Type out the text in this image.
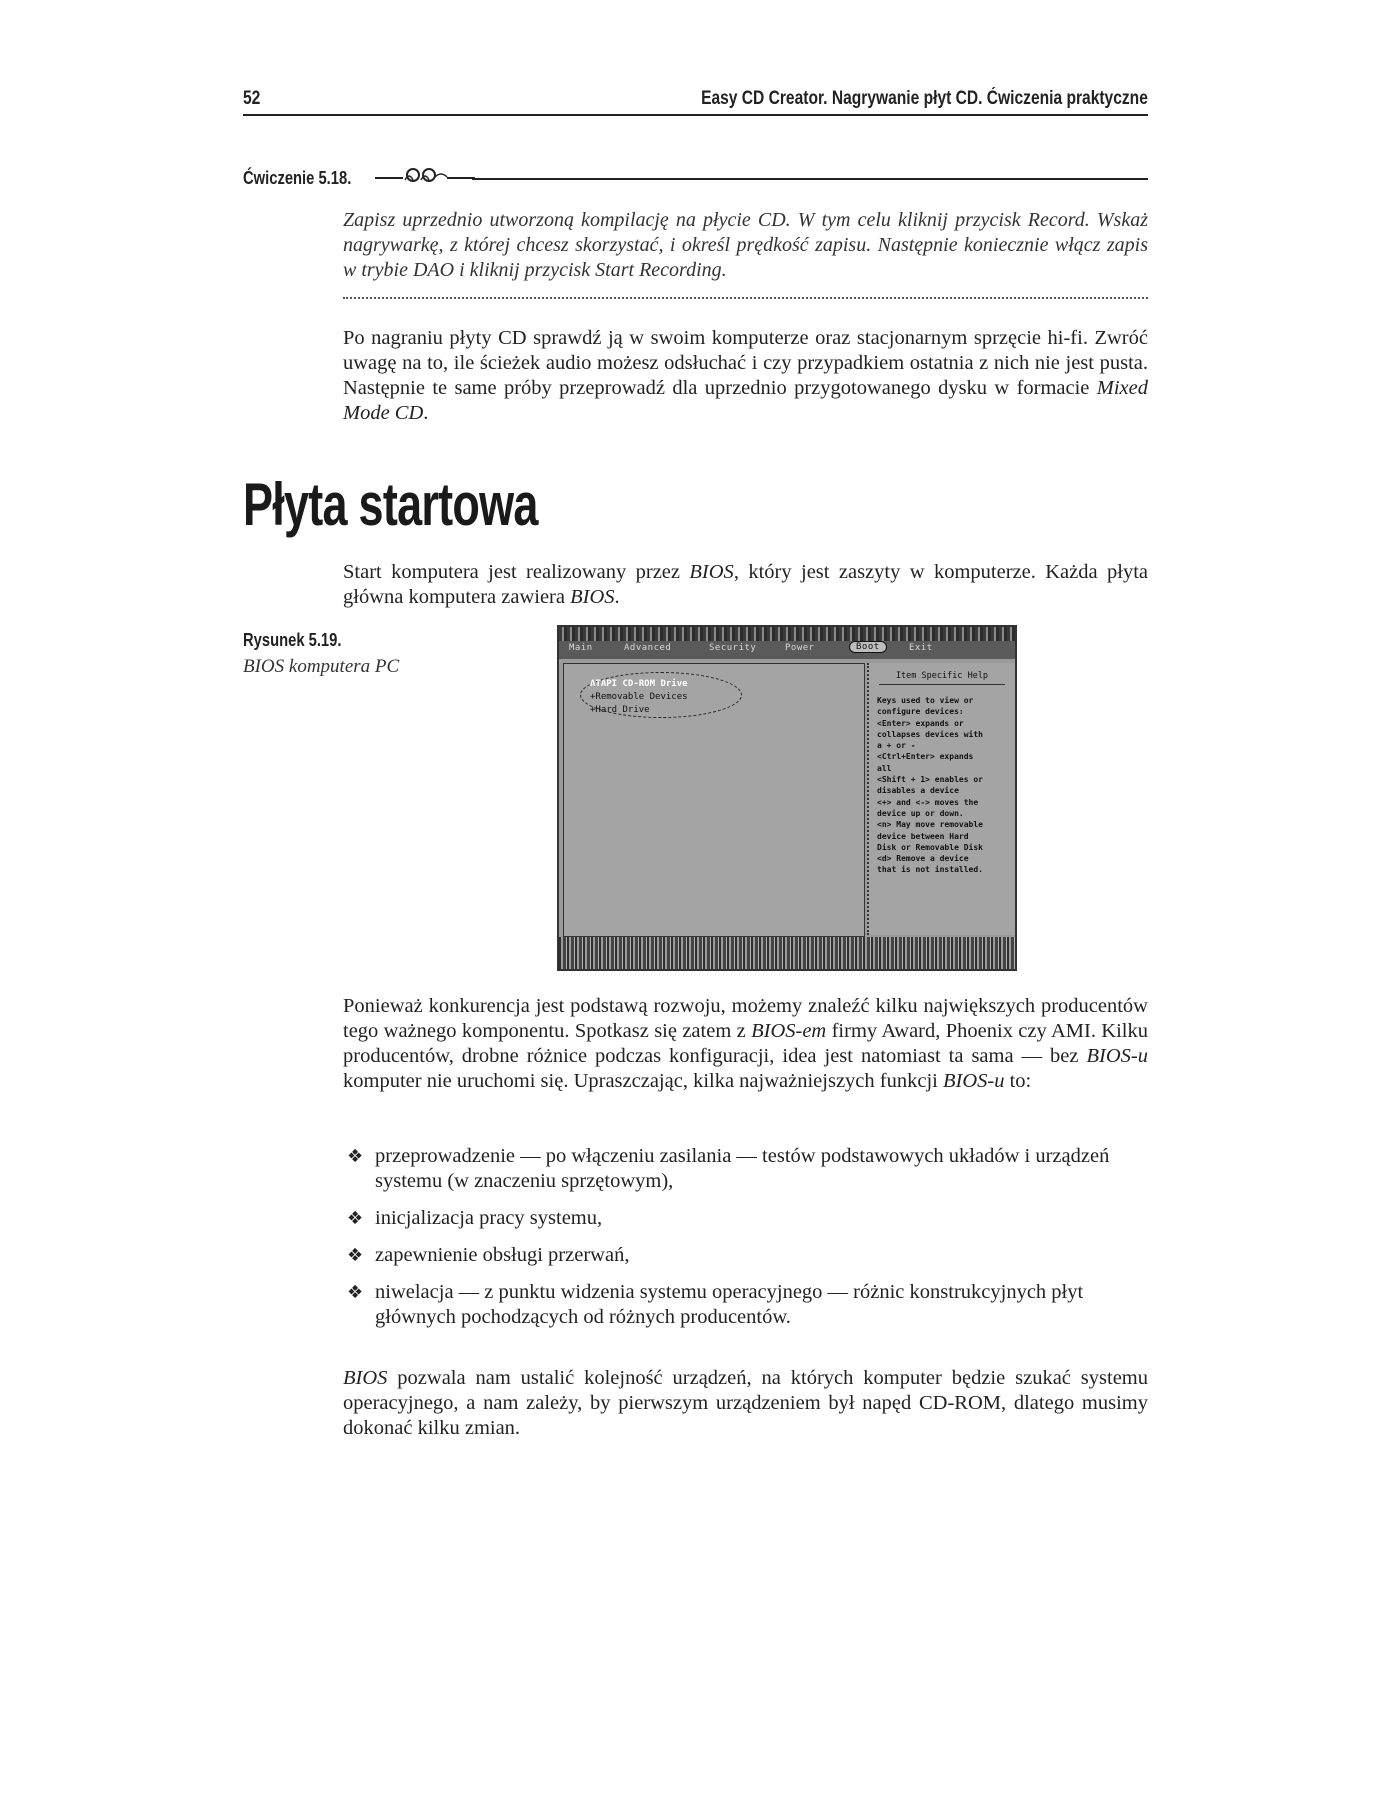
52	Easy CD Creator. Nagrywanie płyt CD. Ćwiczenia praktyczne
Ćwiczenie 5.18.
Zapisz uprzednio utworzoną kompilację na płycie CD. W tym celu kliknij przycisk Record. Wskaż nagrywarkę, z której chcesz skorzystać, i określ prędkość zapisu. Następnie koniecznie włącz zapis w trybie DAO i kliknij przycisk Start Recording.
Po nagraniu płyty CD sprawdź ją w swoim komputerze oraz stacjonarnym sprzęcie hi-fi. Zwróć uwagę na to, ile ścieżek audio możesz odsłuchać i czy przypadkiem ostatnia z nich nie jest pusta. Następnie te same próby przeprowadź dla uprzednio przygotowanego dysku w formacie Mixed Mode CD.
Płyta startowa
Start komputera jest realizowany przez BIOS, który jest zaszyty w komputerze. Każda płyta główna komputera zawiera BIOS.
Rysunek 5.19.
BIOS komputera PC
Main	Advanced	Security	Power	Boot	Exit
ATAPI CD-ROM Drive
+Removable Devices
+Hard Drive
Item Specific Help
Keys used to view or
configure devices:
<Enter> expands or
collapses devices with
a + or -
<Ctrl+Enter> expands
all
<Shift + 1> enables or
disables a device
<+> and <-> moves the
device up or down.
<n> May move removable
device between Hard
Disk or Removable Disk
<d> Remove a device
that is not installed.
Ponieważ konkurencja jest podstawą rozwoju, możemy znaleźć kilku największych producentów tego ważnego komponentu. Spotkasz się zatem z BIOS-em firmy Award, Phoenix czy AMI. Kilku producentów, drobne różnice podczas konfiguracji, idea jest natomiast ta sama — bez BIOS-u komputer nie uruchomi się. Upraszczając, kilka najważniejszych funkcji BIOS-u to:
❖ przeprowadzenie — po włączeniu zasilania — testów podstawowych układów i urządzeń systemu (w znaczeniu sprzętowym),
❖ inicjalizacja pracy systemu,
❖ zapewnienie obsługi przerwań,
❖ niwelacja — z punktu widzenia systemu operacyjnego — różnic konstrukcyjnych płyt głównych pochodzących od różnych producentów.
BIOS pozwala nam ustalić kolejność urządzeń, na których komputer będzie szukać systemu operacyjnego, a nam zależy, by pierwszym urządzeniem był napęd CD-ROM, dlatego musimy dokonać kilku zmian.
